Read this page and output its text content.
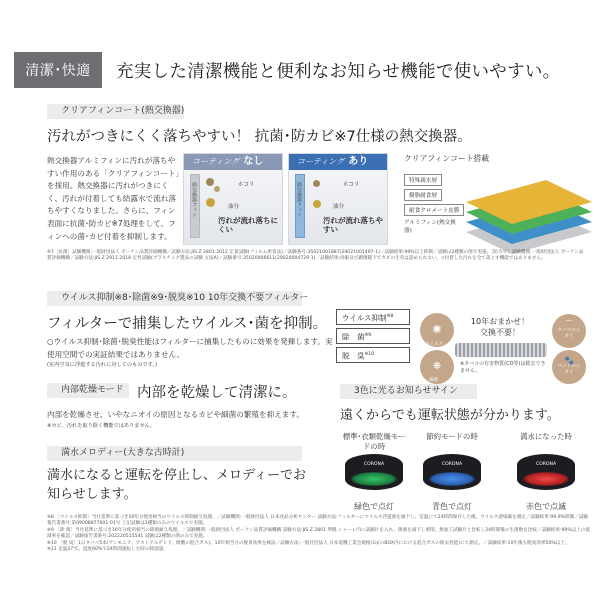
清潔･快適	充実した清潔機能と便利なお知らせ機能で使いやすい。
クリアフィンコート(熱交換器)
汚れがつきにくく落ちやすい！ 抗菌･防カビ※7仕様の熱交換器。
熱交換器アルミフィンに汚れが落ちやすい作用のある「クリアフィンコート」を採用。熱交換器に汚れがつきにくく、汚れが付着しても結露水で流れ落ちやすくなりました。さらに、フィン表面に抗菌･防カビ※7処理をして、フィンへの菌･カビ付着を抑制します。
コーティング なし
熱交換器フィン	ホコリ
油分
汚れが流れ落ちにくい
コーティング あり
熱交換器フィン	ホコリ
油分
汚れが流れ落ちやすい
クリアフィンコート搭載
特殊親水層
樹脂耐食層
耐食クロメート皮膜
アルミフィン(熱交換器)
※7［抗菌］試験機関:一般財団法人 ボーケン品質評価機構／試験方法:JIS Z 2801:2012 定量試験(フィルム密着法)／試験番号:35021001887(29021001497-1)／試験結果:99%以上抑制／試験は2種類の菌で実施。［防カビ］試験機関:一般財団法人 ボーケン品質評価機構／試験方法:JIS Z 2911:2018 定性試験(プラスチック製品の試験 方法A)／試験番号:35020006611(29020004729-1)／試験結果:肉眼及び顕微鏡下でカビの生育は認められない。◇付着した汚れを全て落とす機能ではありません。
ウイルス抑制※8･除菌※9･脱臭※10 10年交換不要フィルター
フィルターで捕集したウイルス･菌を抑制。
○ウイルス抑制･除菌･脱臭性能はフィルターに捕集したものに効果を発揮します。実使用空間での実証結果ではありません。
(室内空気に浮遊する汚れに対してのものです。)
ウイルス抑制$^{※8}$
除　菌$^{※9}$
脱　臭$^{※10}$
✺
ウイルス
❋
細菌
⌒
タバコのニオイ
🐾
ペットのニオイ
10年おまかせ！
交換不要！
※タバコの有害物質(CO等)は除去できません。
内部乾燥モード 内部を乾燥して清潔に。
内部を乾燥させ、いやなニオイの原因となるカビや細菌の繁殖を抑えます。
※カビ、汚れを取り除く機能ではありません。
満水メロディー(大きな古時計)
満水になると運転を停止し、メロディーでお知らせします。
3色に光るお知らせサイン
遠くからでも運転状態が分かります。
標準･衣類乾燥モードの時
CORONA
緑色で点灯
節約モードの時
CORONA
青色で点灯
満水になった時
CORONA
赤色で点滅
※8 ［ウイルス抑制］当社基準に基づき10年分使用相当のウイルス抑制耐久処理。／試験機関:一般財団法人 日本食品分析センター 試験方法:フィルターにウイルス浮遊液を滴下し、室温にて24時間保存した後、ウイルス感染価を測定／試験結果:99.9%抑制／試験報告書番号:第09008877001-01号 上記試験は1種類のみのウイルスで実施。
※9 ［除 菌］当社基準に基づき10年分使用相当の除菌耐久処理。／試験機関:一般財団法人 ボーケン品質評価機構 試験方法:JIS Z 2801 準拠 シャーレ内に試験片を入れ、菌液を滴下し密閉、無加工試験片と比較し24時間後の生菌数を比較／試験結果:99%以上の低減率を確認／試験報告書番号:202220515541 試験は2種類の菌のみで実施。
※10 ［脱 臭］1日タバコ5本(アンモニア、アセトアルデヒド、酢酸の混合ガス)、10年相当分の脱臭効果を検証／試験方法:一般社団法人 日本電機工業会規格(1㎥のBOX内における混合ガスの除去性能)にて測定。／試験結果:10年後も脱臭効果50%以上。
※11 室温27℃、湿度60%で24時間運転した時の除湿量。
